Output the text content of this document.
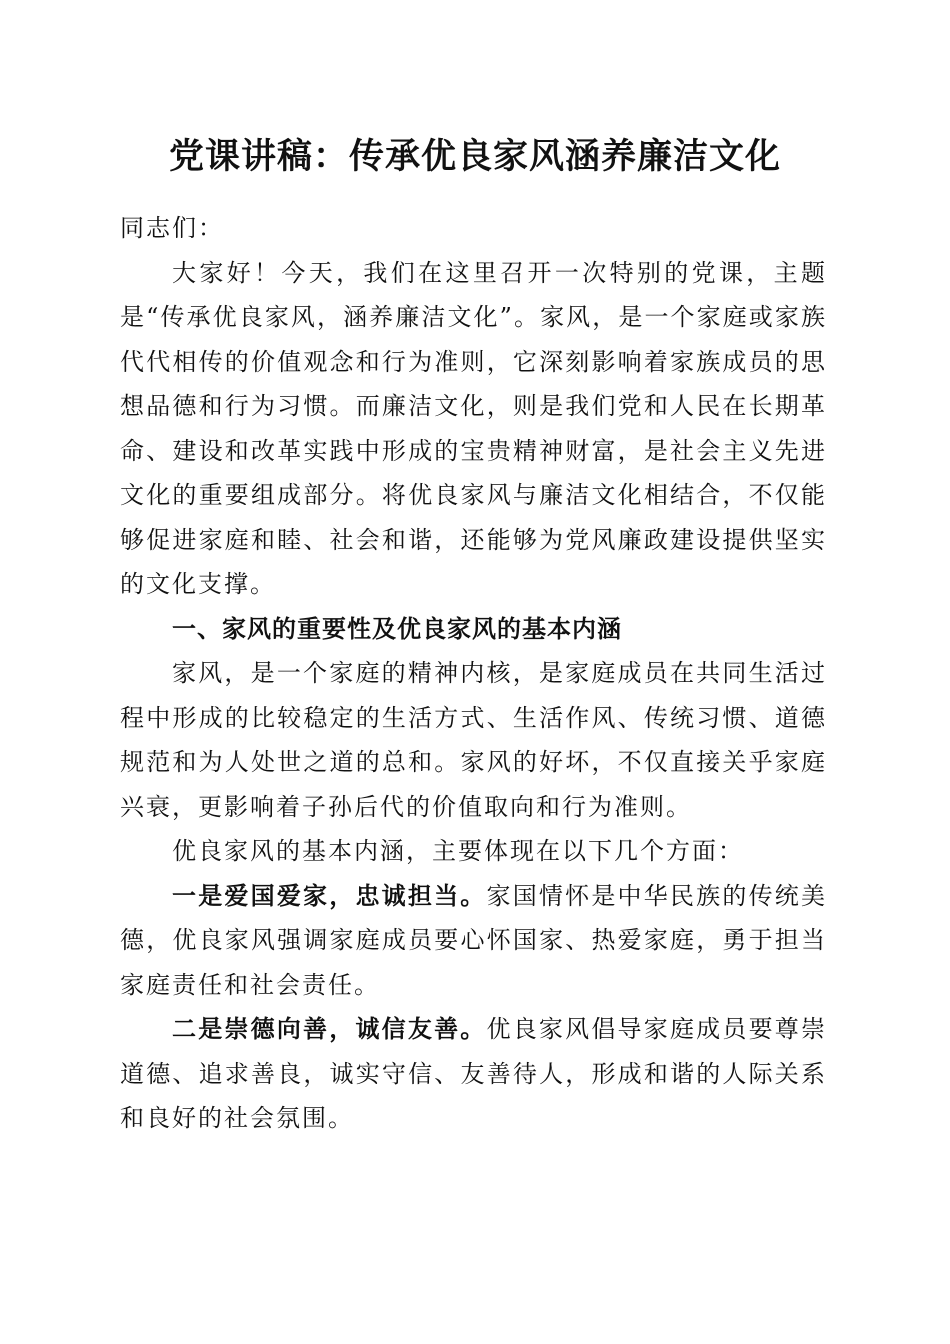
党课讲稿：传承优良家风涵养廉洁文化

同志们：

大家好！今天，我们在这里召开一次特别的党课，主题是“传承优良家风，涵养廉洁文化”。家风，是一个家庭或家族代代相传的价值观念和行为准则，它深刻影响着家族成员的思想品德和行为习惯。而廉洁文化，则是我们党和人民在长期革命、建设和改革实践中形成的宝贵精神财富，是社会主义先进文化的重要组成部分。将优良家风与廉洁文化相结合，不仅能够促进家庭和睦、社会和谐，还能够为党风廉政建设提供坚实的文化支撑。

一、家风的重要性及优良家风的基本内涵

家风，是一个家庭的精神内核，是家庭成员在共同生活过程中形成的比较稳定的生活方式、生活作风、传统习惯、道德规范和为人处世之道的总和。家风的好坏，不仅直接关乎家庭兴衰，更影响着子孙后代的价值取向和行为准则。

优良家风的基本内涵，主要体现在以下几个方面：

一是爱国爱家，忠诚担当。家国情怀是中华民族的传统美德，优良家风强调家庭成员要心怀国家、热爱家庭，勇于担当家庭责任和社会责任。

二是崇德向善，诚信友善。优良家风倡导家庭成员要尊崇道德、追求善良，诚实守信、友善待人，形成和谐的人际关系和良好的社会氛围。
